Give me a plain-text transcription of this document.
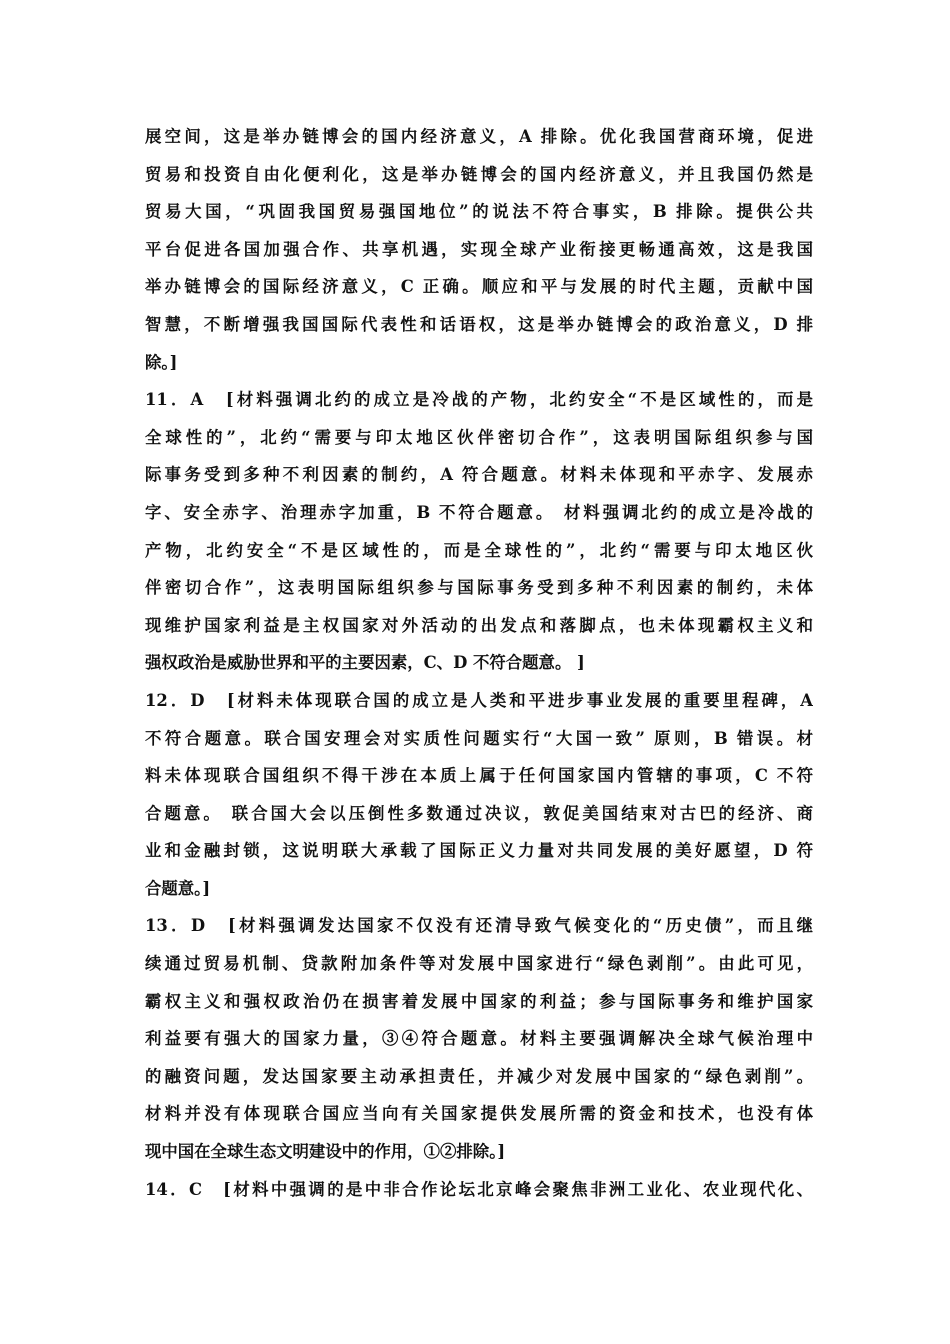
展空间，这是举办链博会的国内经济意义，A 排除。优化我国营商环境，促进
贸易和投资自由化便利化，这是举办链博会的国内经济意义，并且我国仍然是
贸易大国，“巩固我国贸易强国地位”的说法不符合事实，B 排除。提供公共
平台促进各国加强合作、共享机遇，实现全球产业衔接更畅通高效，这是我国
举办链博会的国际经济意义，C 正确。顺应和平与发展的时代主题，贡献中国
智慧，不断增强我国国际代表性和话语权，这是举办链博会的政治意义，D 排
除。]
11．A　[材料强调北约的成立是冷战的产物，北约安全“不是区域性的，而是
全球性的”，北约“需要与印太地区伙伴密切合作”，这表明国际组织参与国
际事务受到多种不利因素的制约，A 符合题意。材料未体现和平赤字、发展赤
字、安全赤字、治理赤字加重，B 不符合题意。 材料强调北约的成立是冷战的
产物，北约安全“不是区域性的，而是全球性的”，北约“需要与印太地区伙
伴密切合作”，这表明国际组织参与国际事务受到多种不利因素的制约，未体
现维护国家利益是主权国家对外活动的出发点和落脚点，也未体现霸权主义和
强权政治是威胁世界和平的主要因素，C、D 不符合题意。 ]
12．D　[材料未体现联合国的成立是人类和平进步事业发展的重要里程碑，A
不符合题意。联合国安理会对实质性问题实行“大国一致” 原则，B 错误。材
料未体现联合国组织不得干涉在本质上属于任何国家国内管辖的事项，C 不符
合题意。 联合国大会以压倒性多数通过决议，敦促美国结束对古巴的经济、商
业和金融封锁，这说明联大承载了国际正义力量对共同发展的美好愿望，D 符
合题意。]
13．D　[材料强调发达国家不仅没有还清导致气候变化的“历史债”，而且继
续通过贸易机制、贷款附加条件等对发展中国家进行“绿色剥削”。由此可见，
霸权主义和强权政治仍在损害着发展中国家的利益；参与国际事务和维护国家
利益要有强大的国家力量，③④符合题意。材料主要强调解决全球气候治理中
的融资问题，发达国家要主动承担责任，并减少对发展中国家的“绿色剥削”。
材料并没有体现联合国应当向有关国家提供发展所需的资金和技术，也没有体
现中国在全球生态文明建设中的作用，①②排除。]
14．C　[材料中强调的是中非合作论坛北京峰会聚焦非洲工业化、农业现代化、
